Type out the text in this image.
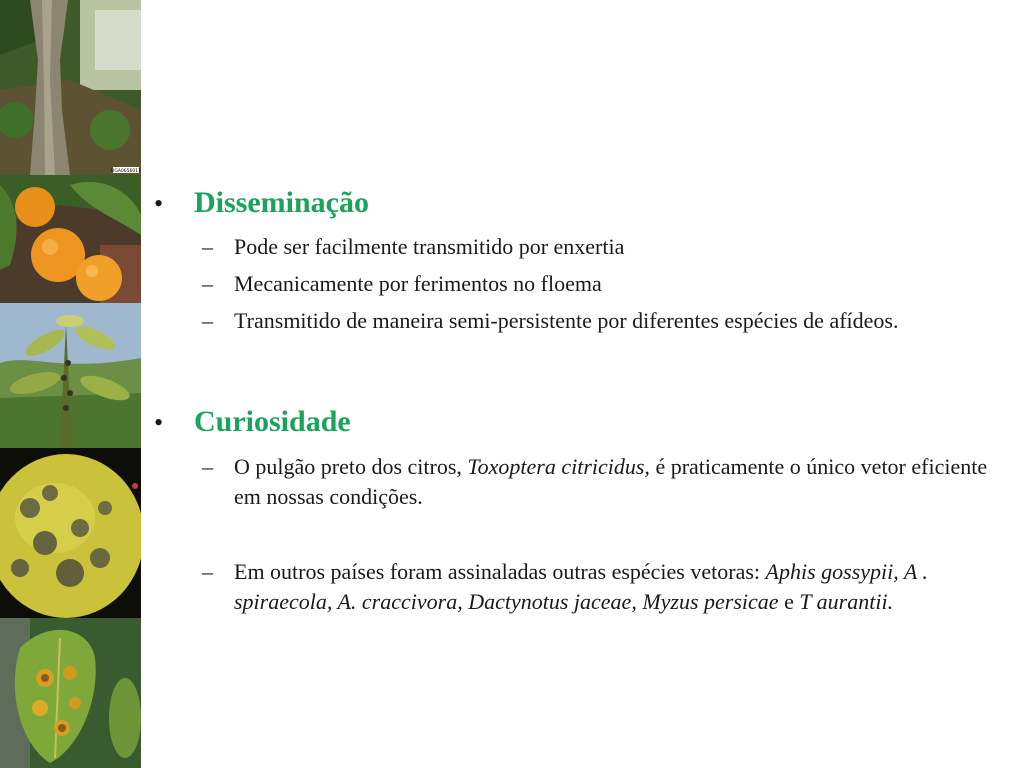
UGA0656013
•	Disseminação
– Pode ser facilmente transmitido por enxertia
– Mecanicamente por ferimentos no floema
– Transmitido de maneira semi-persistente por diferentes espécies de afídeos.
•	Curiosidade
– O pulgão preto dos citros, Toxoptera citricidus, é praticamente o único vetor eficiente em nossas condições.
– Em outros países foram assinaladas outras espécies vetoras: Aphis gossypii, A . spiraecola, A. craccivora, Dactynotus jaceae, Myzus persicae e T aurantii.
